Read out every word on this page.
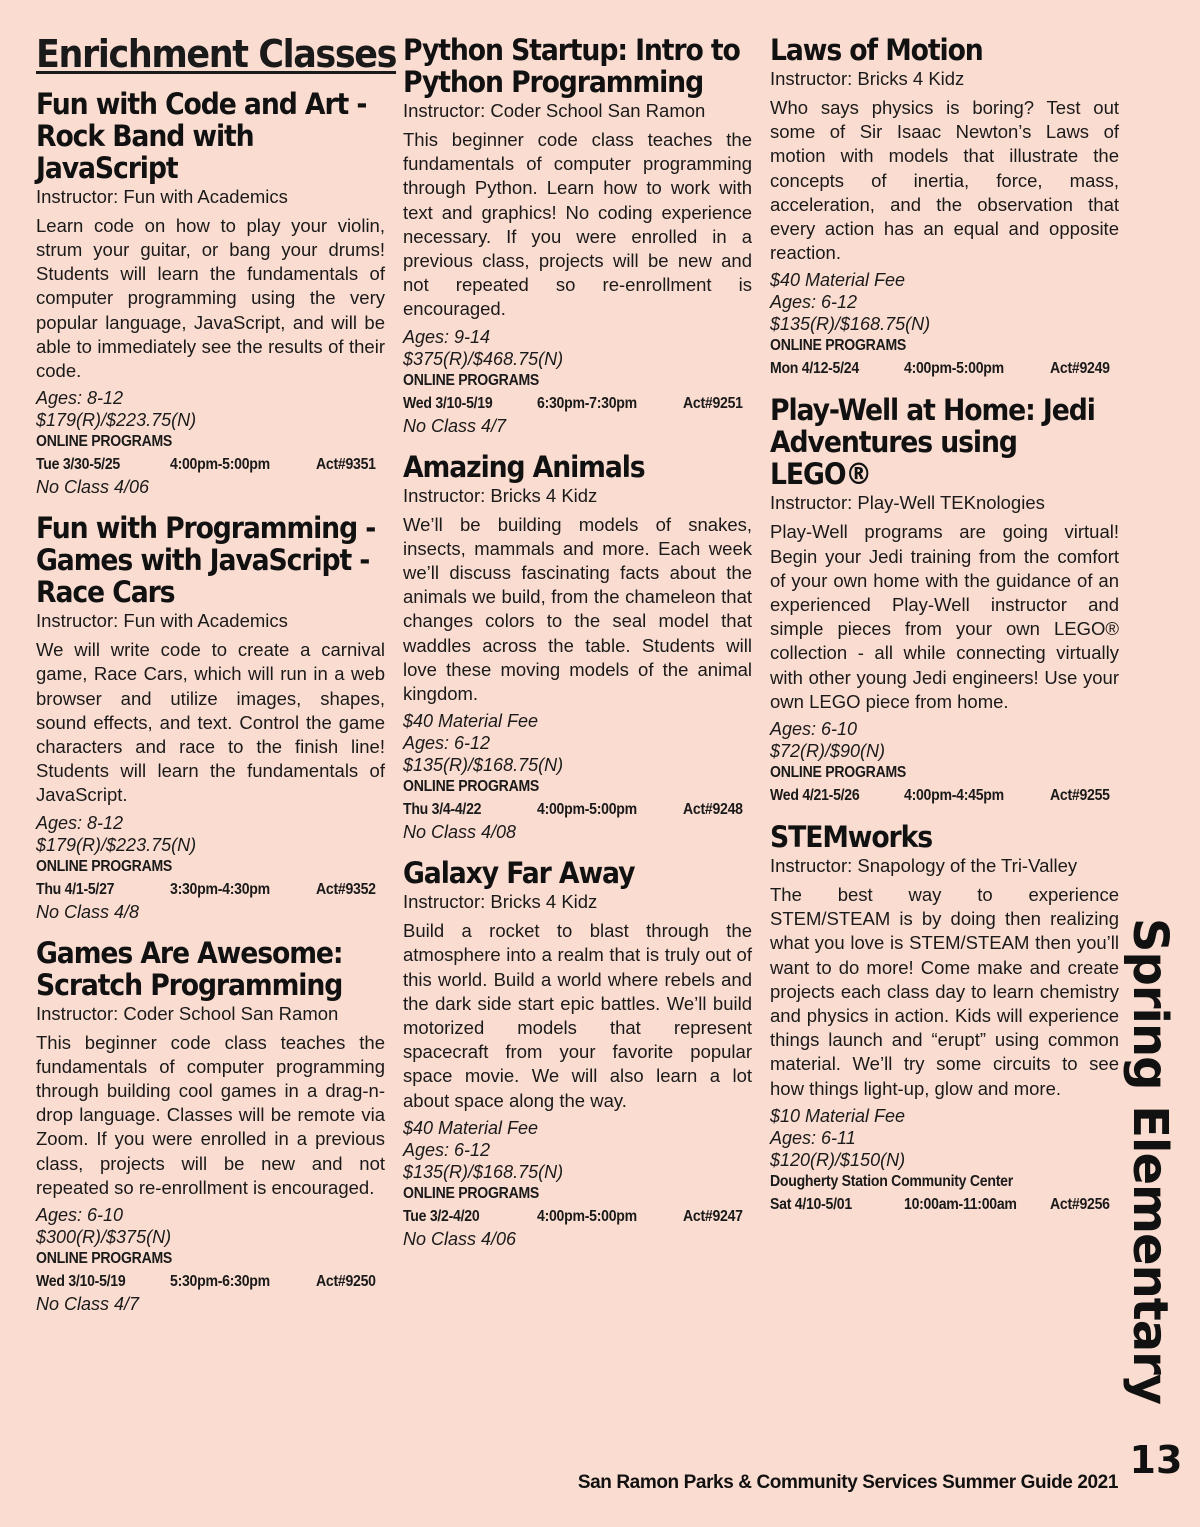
Enrichment Classes
Fun with Code and Art - Rock Band with JavaScript
Instructor: Fun with Academics
Learn code on how to play your violin, strum your guitar, or bang your drums! Students will learn the fundamentals of computer programming using the very popular language, JavaScript, and will be able to immediately see the results of their code.
Ages: 8-12
$179(R)/$223.75(N)
ONLINE PROGRAMS
Tue 3/30-5/25	4:00pm-5:00pm	Act#9351
No Class 4/06
Fun with Programming - Games with JavaScript - Race Cars
Instructor: Fun with Academics
We will write code to create a carnival game, Race Cars, which will run in a web browser and utilize images, shapes, sound effects, and text. Control the game characters and race to the finish line! Students will learn the fundamentals of JavaScript.
Ages: 8-12
$179(R)/$223.75(N)
ONLINE PROGRAMS
Thu 4/1-5/27	3:30pm-4:30pm	Act#9352
No Class 4/8
Games Are Awesome: Scratch Programming
Instructor: Coder School San Ramon
This beginner code class teaches the fundamentals of computer programming through building cool games in a drag-n-drop language. Classes will be remote via Zoom. If you were enrolled in a previous class, projects will be new and not repeated so re-enrollment is encouraged.
Ages: 6-10
$300(R)/$375(N)
ONLINE PROGRAMS
Wed 3/10-5/19	5:30pm-6:30pm	Act#9250
No Class 4/7
Python Startup: Intro to Python Programming
Instructor: Coder School San Ramon
This beginner code class teaches the fundamentals of computer programming through Python. Learn how to work with text and graphics! No coding experience necessary. If you were enrolled in a previous class, projects will be new and not repeated so re-enrollment is encouraged.
Ages: 9-14
$375(R)/$468.75(N)
ONLINE PROGRAMS
Wed 3/10-5/19	6:30pm-7:30pm	Act#9251
No Class 4/7
Amazing Animals
Instructor: Bricks 4 Kidz
We’ll be building models of snakes, insects, mammals and more. Each week we’ll discuss fascinating facts about the animals we build, from the chameleon that changes colors to the seal model that waddles across the table. Students will love these moving models of the animal kingdom.
$40 Material Fee
Ages: 6-12
$135(R)/$168.75(N)
ONLINE PROGRAMS
Thu 3/4-4/22	4:00pm-5:00pm	Act#9248
No Class 4/08
Galaxy Far Away
Instructor: Bricks 4 Kidz
Build a rocket to blast through the atmosphere into a realm that is truly out of this world. Build a world where rebels and the dark side start epic battles. We’ll build motorized models that represent spacecraft from your favorite popular space movie. We will also learn a lot about space along the way.
$40 Material Fee
Ages: 6-12
$135(R)/$168.75(N)
ONLINE PROGRAMS
Tue 3/2-4/20	4:00pm-5:00pm	Act#9247
No Class 4/06
Laws of Motion
Instructor: Bricks 4 Kidz
Who says physics is boring? Test out some of Sir Isaac Newton’s Laws of motion with models that illustrate the concepts of inertia, force, mass, acceleration, and the observation that every action has an equal and opposite reaction.
$40 Material Fee
Ages: 6-12
$135(R)/$168.75(N)
ONLINE PROGRAMS
Mon 4/12-5/24	4:00pm-5:00pm	Act#9249
Play-Well at Home: Jedi Adventures using LEGO®
Instructor: Play-Well TEKnologies
Play-Well programs are going virtual! Begin your Jedi training from the comfort of your own home with the guidance of an experienced Play-Well instructor and simple pieces from your own LEGO® collection - all while connecting virtually with other young Jedi engineers! Use your own LEGO piece from home.
Ages: 6-10
$72(R)/$90(N)
ONLINE PROGRAMS
Wed 4/21-5/26	4:00pm-4:45pm	Act#9255
STEMworks
Instructor: Snapology of the Tri-Valley
The best way to experience STEM/STEAM is by doing then realizing what you love is STEM/STEAM then you’ll want to do more! Come make and create projects each class day to learn chemistry and physics in action. Kids will experience things launch and “erupt” using common material. We’ll try some circuits to see how things light-up, glow and more.
$10 Material Fee
Ages: 6-11
$120(R)/$150(N)
Dougherty Station Community Center
Sat 4/10-5/01	10:00am-11:00am	Act#9256 Spring Elementary
San Ramon Parks & Community Services Summer Guide 2021
13
